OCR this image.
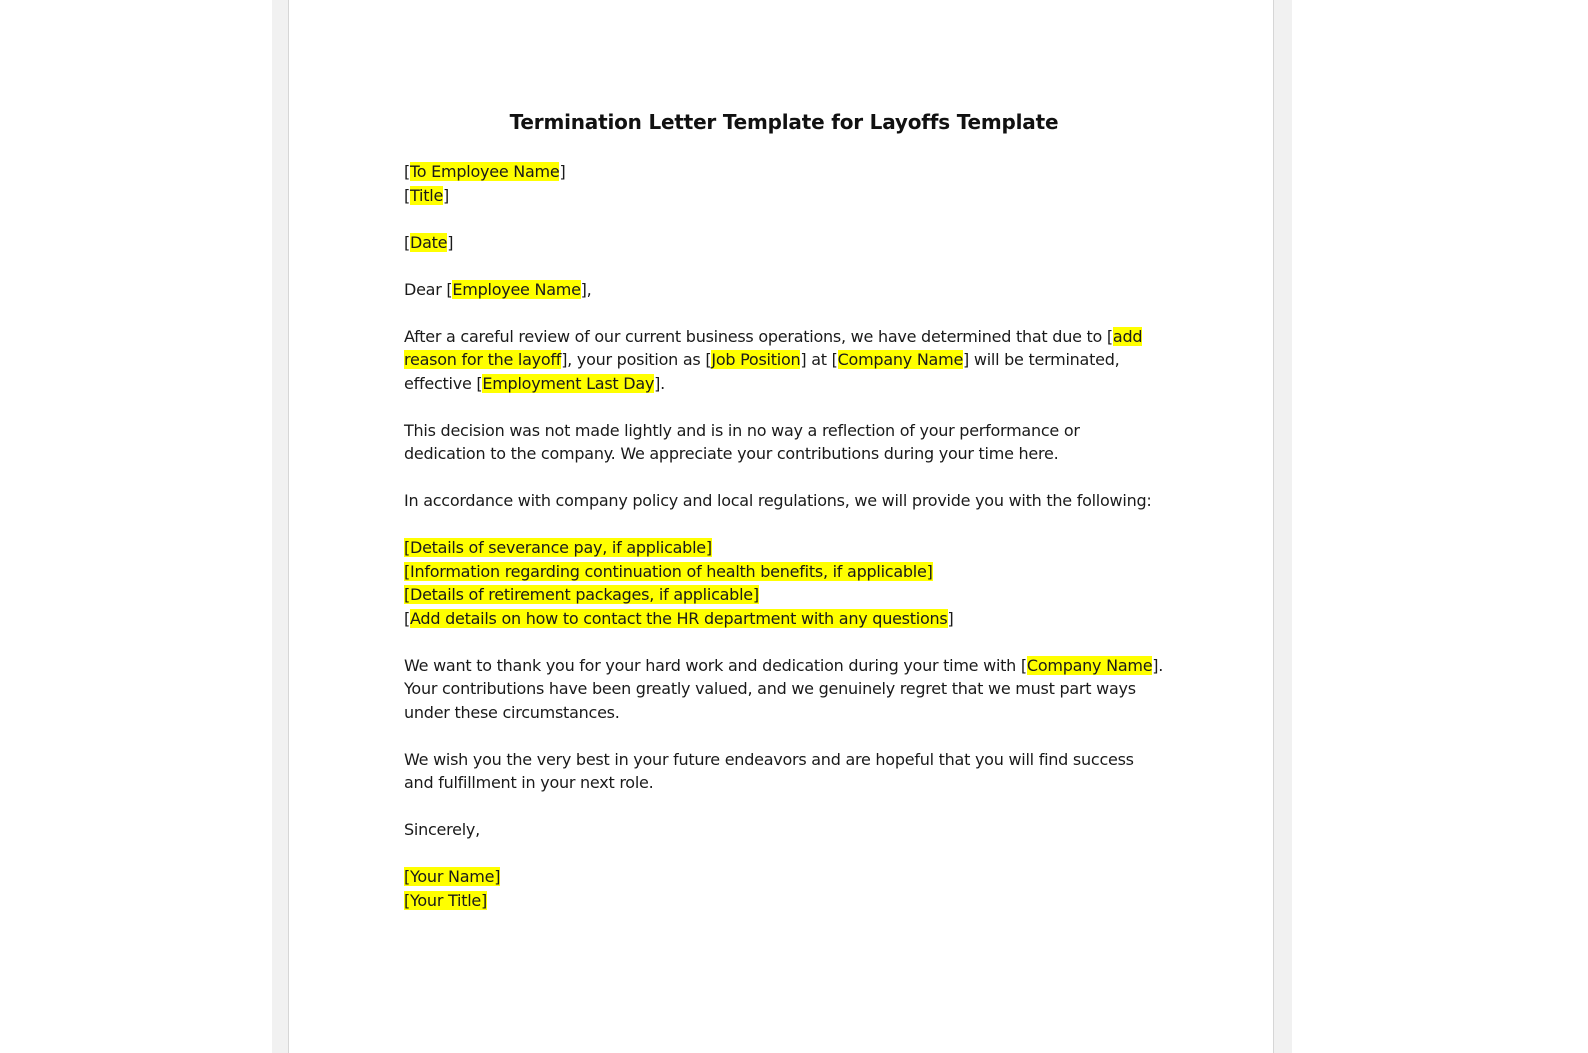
Termination Letter Template for Layoffs Template

[To Employee Name]

[Title]

[Date]

Dear [Employee Name],

After a careful review of our current business operations, we have determined that due to [add reason for the layoff], your position as [Job Position] at [Company Name] will be terminated, effective [Employment Last Day].

This decision was not made lightly and is in no way a reflection of your performance or dedication to the company. We appreciate your contributions during your time here.

In accordance with company policy and local regulations, we will provide you with the following:

[Details of severance pay, if applicable]

[Information regarding continuation of health benefits, if applicable]

[Details of retirement packages, if applicable]

[Add details on how to contact the HR department with any questions]

We want to thank you for your hard work and dedication during your time with [Company Name]. Your contributions have been greatly valued, and we genuinely regret that we must part ways under these circumstances.

We wish you the very best in your future endeavors and are hopeful that you will find success and fulfillment in your next role.

Sincerely,

[Your Name]

[Your Title]
